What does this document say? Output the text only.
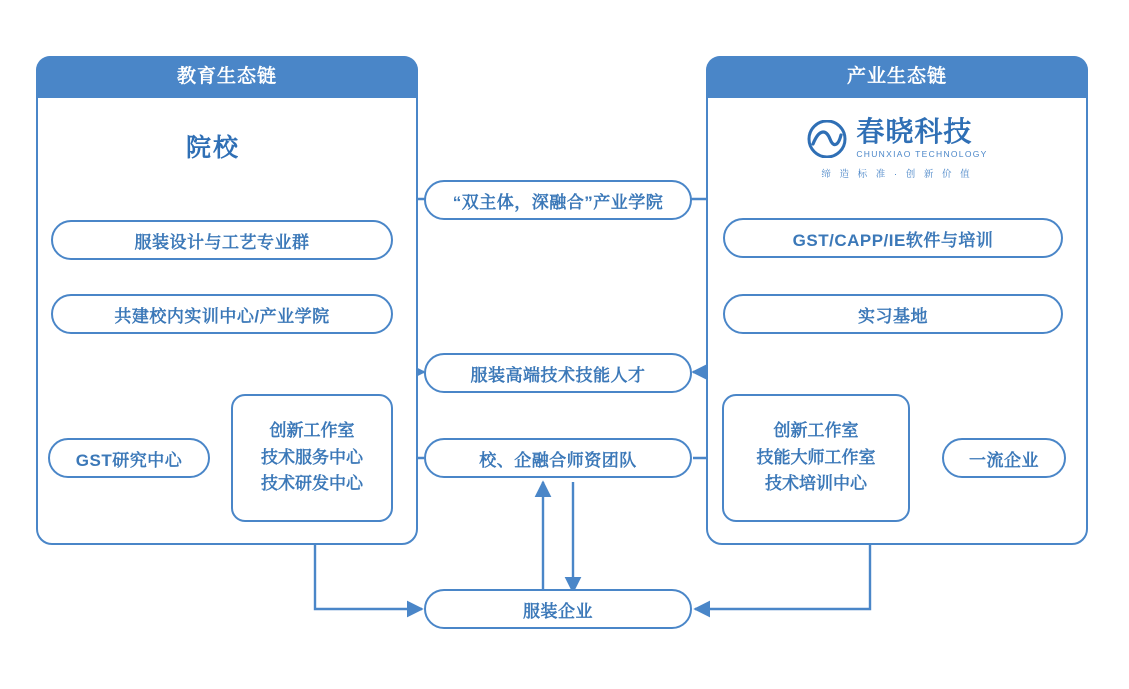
教育生态链
院校
服装设计与工艺专业群
共建校内实训中心/产业学院
创新工作室
技术服务中心
技术研发中心
GST研究中心
产业生态链
春晓科技
CHUNXIAO TECHNOLOGY
缔 造 标 准 · 创 新 价 值
GST/CAPP/IE软件与培训
实习基地
创新工作室
技能大师工作室
技术培训中心
一流企业
“双主体，深融合”产业学院
服装高端技术技能人才
校、企融合师资团队
服装企业
